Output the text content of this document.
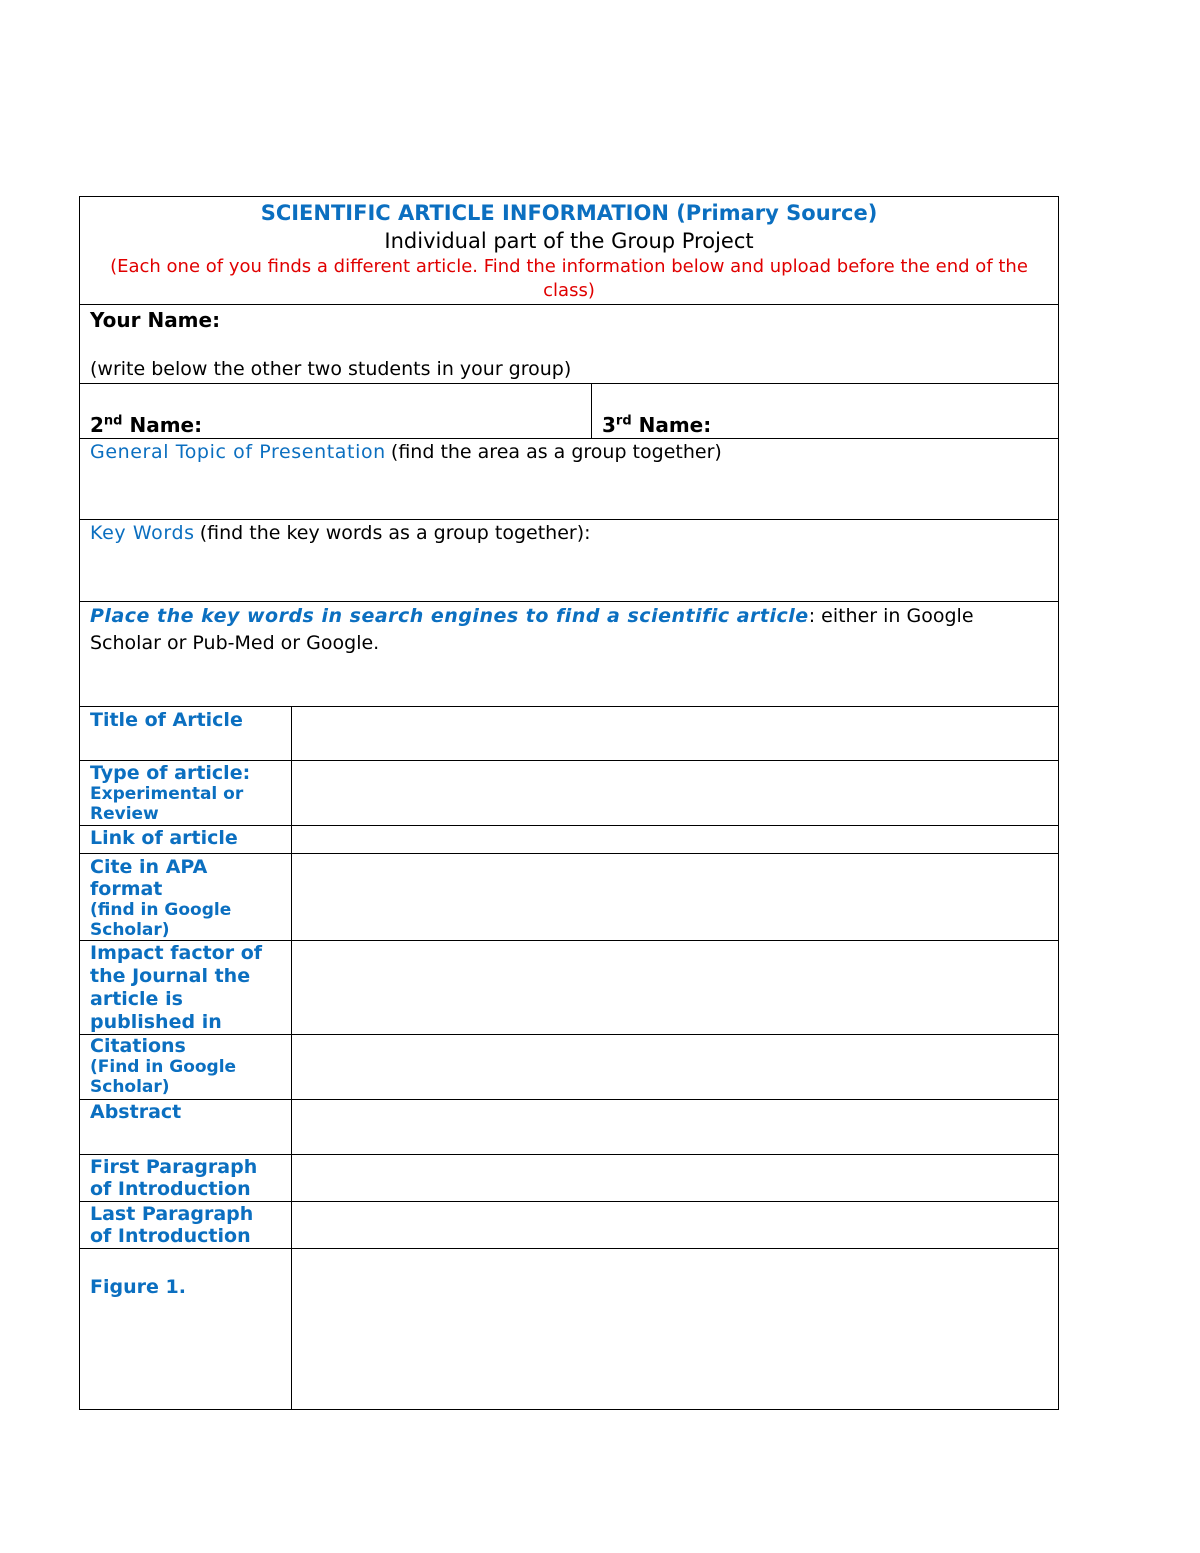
SCIENTIFIC ARTICLE INFORMATION (Primary Source)
Individual part of the Group Project
(Each one of you finds a different article. Find the information below and upload before the end of the class)		

Your Name:
(write below the other two students in your group)		

2nd Name:		3rd Name:
General Topic of Presentation (find the area as a group together)		
Key Words (find the key words as a group together):		
Place the key words in search engines to find a scientific article: either in Google Scholar or Pub-Med or Google.		

Title of Article		

Type of article:
Experimental or Review		

Link of article		

Cite in APA format
(find in Google Scholar)		

Impact factor of the Journal the article is published in		

Citations
(Find in Google Scholar)		

Abstract		

First Paragraph of Introduction		

Last Paragraph of Introduction		

Figure 1.		
